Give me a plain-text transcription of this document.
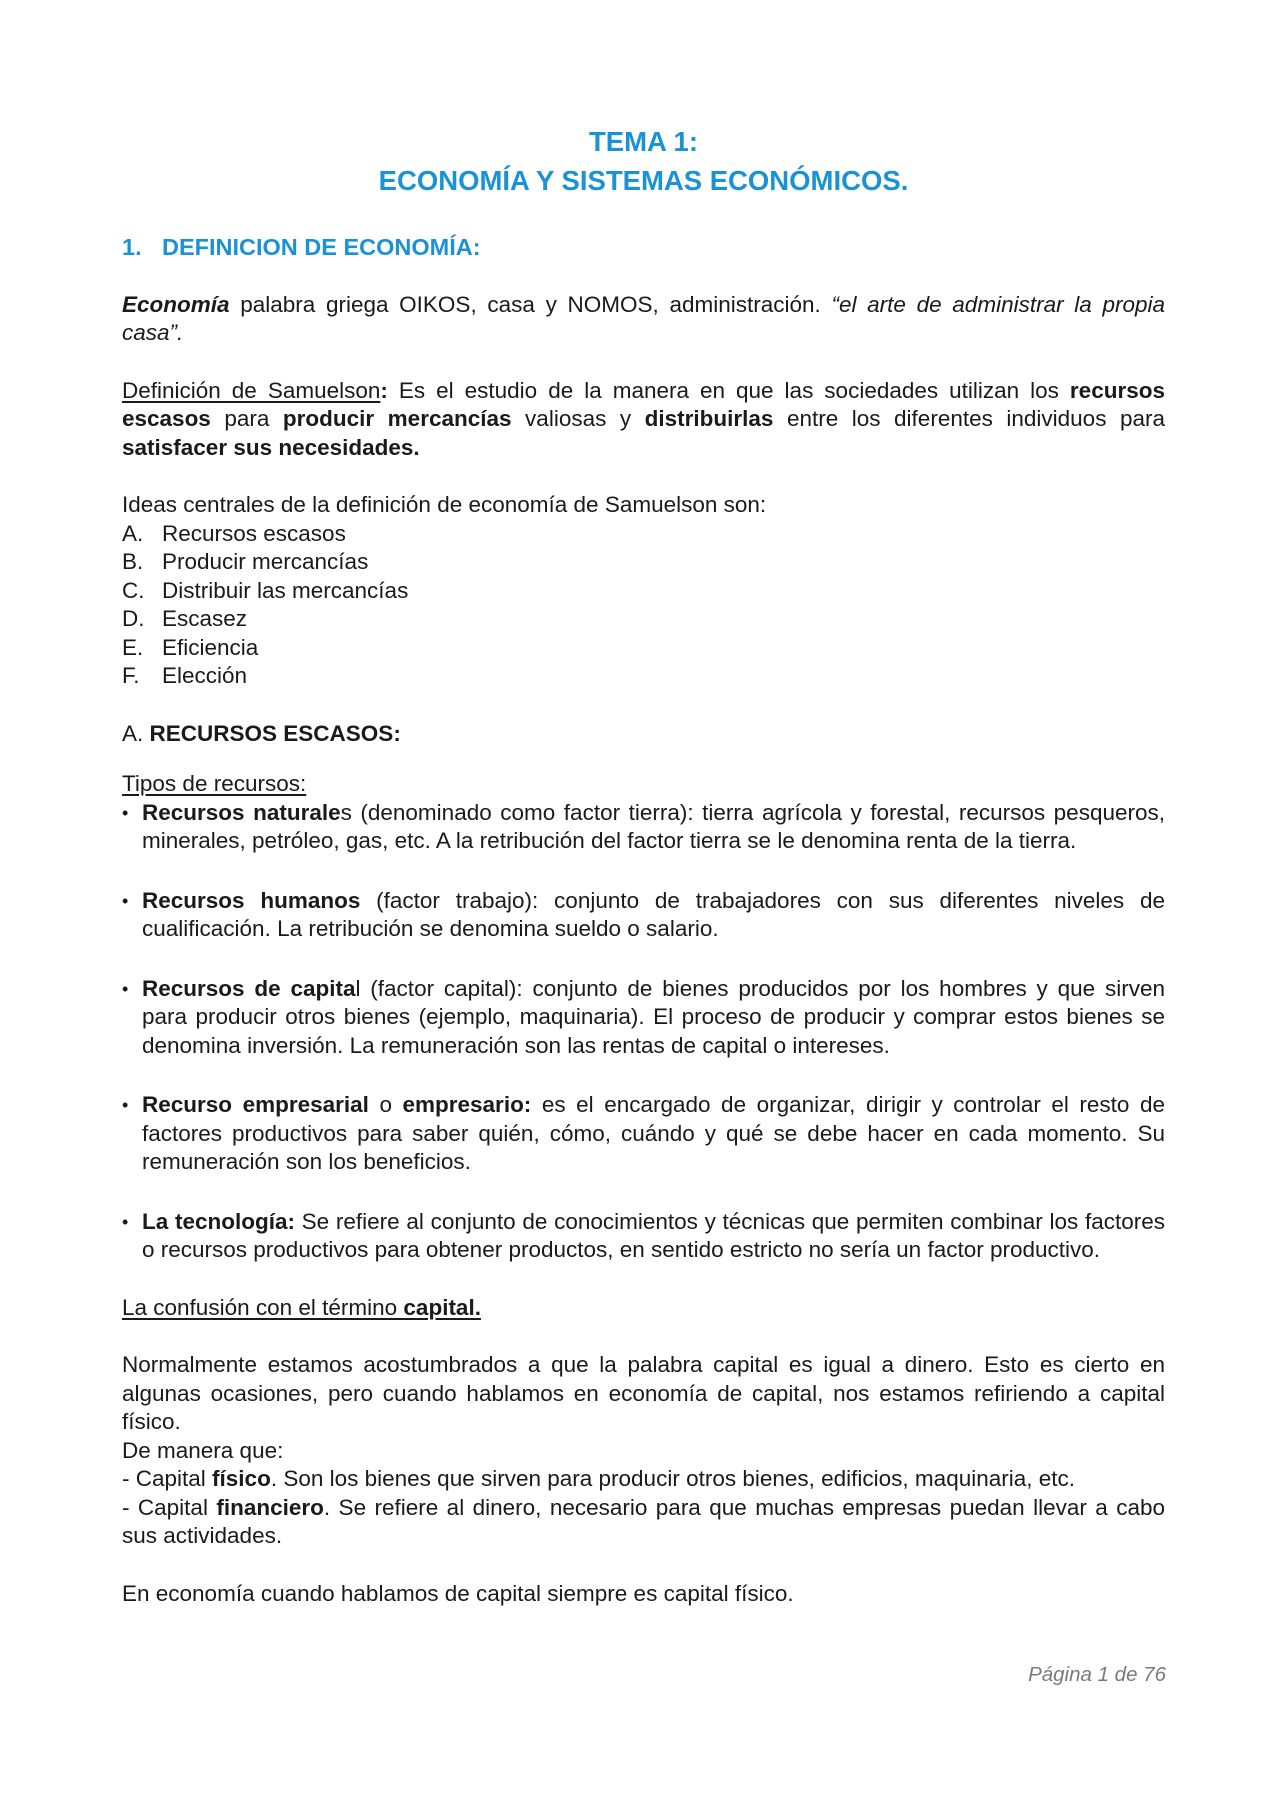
TEMA 1:
ECONOMÍA Y SISTEMAS ECONÓMICOS.
1. DEFINICION DE ECONOMÍA:

Economía palabra griega OIKOS, casa y NOMOS, administración. “el arte de administrar la propia casa”.

Definición de Samuelson: Es el estudio de la manera en que las sociedades utilizan los recursos escasos para producir mercancías valiosas y distribuirlas entre los diferentes individuos para satisfacer sus necesidades.

Ideas centrales de la definición de economía de Samuelson son:

A. Recursos escasos
B. Producir mercancías
C. Distribuir las mercancías
D. Escasez
E. Eficiencia
F. Elección

A. RECURSOS ESCASOS:

Tipos de recursos:

• Recursos naturales (denominado como factor tierra): tierra agrícola y forestal, recursos pesqueros, minerales, petróleo, gas, etc. A la retribución del factor tierra se le denomina renta de la tierra.
• Recursos humanos (factor trabajo): conjunto de trabajadores con sus diferentes niveles de cualificación. La retribución se denomina sueldo o salario.
• Recursos de capital (factor capital): conjunto de bienes producidos por los hombres y que sirven para producir otros bienes (ejemplo, maquinaria). El proceso de producir y comprar estos bienes se denomina inversión. La remuneración son las rentas de capital o intereses.
• Recurso empresarial o empresario: es el encargado de organizar, dirigir y controlar el resto de factores productivos para saber quién, cómo, cuándo y qué se debe hacer en cada momento. Su remuneración son los beneficios.
• La tecnología: Se refiere al conjunto de conocimientos y técnicas que permiten combinar los factores o recursos productivos para obtener productos, en sentido estricto no sería un factor productivo.

La confusión con el término capital.

Normalmente estamos acostumbrados a que la palabra capital es igual a dinero. Esto es cierto en algunas ocasiones, pero cuando hablamos en economía de capital, nos estamos refiriendo a capital físico.

De manera que:

- Capital físico. Son los bienes que sirven para producir otros bienes, edificios, maquinaria, etc.

- Capital financiero. Se refiere al dinero, necesario para que muchas empresas puedan llevar a cabo sus actividades.

En economía cuando hablamos de capital siempre es capital físico.

Página 1 de 76
